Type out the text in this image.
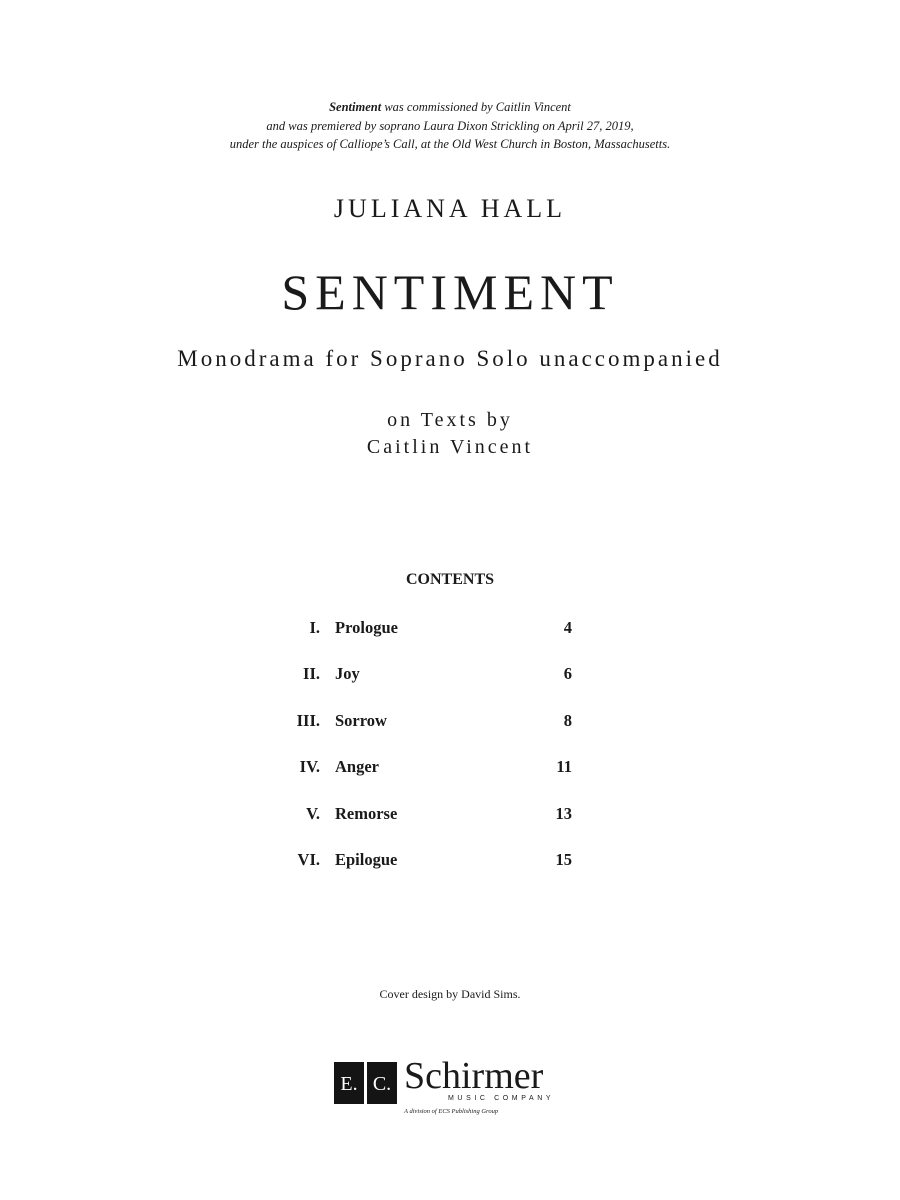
Sentiment was commissioned by Caitlin Vincent
and was premiered by soprano Laura Dixon Strickling on April 27, 2019,
under the auspices of Calliope’s Call, at the Old West Church in Boston, Massachusetts.
JULIANA HALL
SENTIMENT
Monodrama for Soprano Solo unaccompanied
on Texts by
Caitlin Vincent
CONTENTS
I. Prologue	4
II. Joy	6
III. Sorrow	8
IV. Anger	11
V. Remorse	13
VI. Epilogue	15
Cover design by David Sims.
E. C. Schirmer
MUSIC COMPANY
A division of ECS Publishing Group
